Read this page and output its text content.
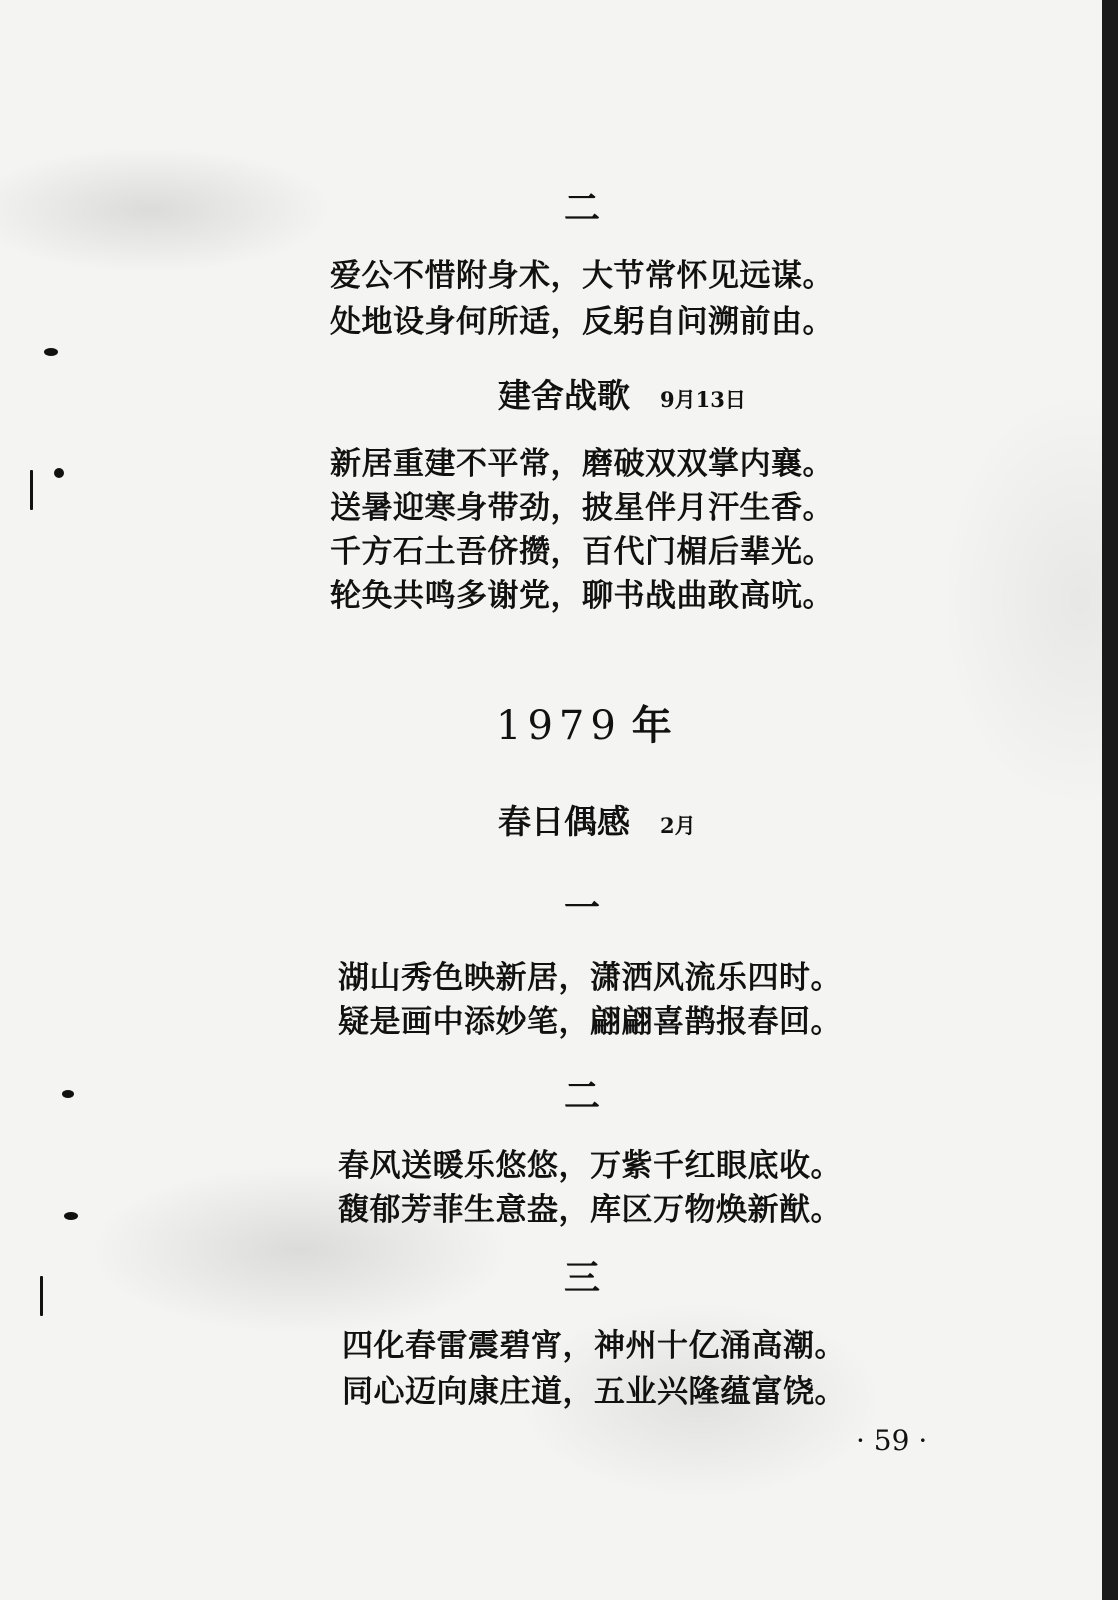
二
爱公不惜附身术，大节常怀见远谋。
处地设身何所适，反躬自问溯前由。
建舍战歌 9月13日
新居重建不平常，磨破双双掌内襄。
送暑迎寒身带劲，披星伴月汗生香。
千方石土吾侪攒，百代门楣后辈光。
轮奂共鸣多谢党，聊书战曲敢高吭。
1979 年
春日偶感 2月
一
湖山秀色映新居，潇洒风流乐四时。
疑是画中添妙笔，翩翩喜鹊报春回。
二
春风送暖乐悠悠，万紫千红眼底收。
馥郁芳菲生意盎，库区万物焕新猷。
三
四化春雷震碧宵，神州十亿涌高潮。
同心迈向康庄道，五业兴隆蕴富饶。
· 59 ·
